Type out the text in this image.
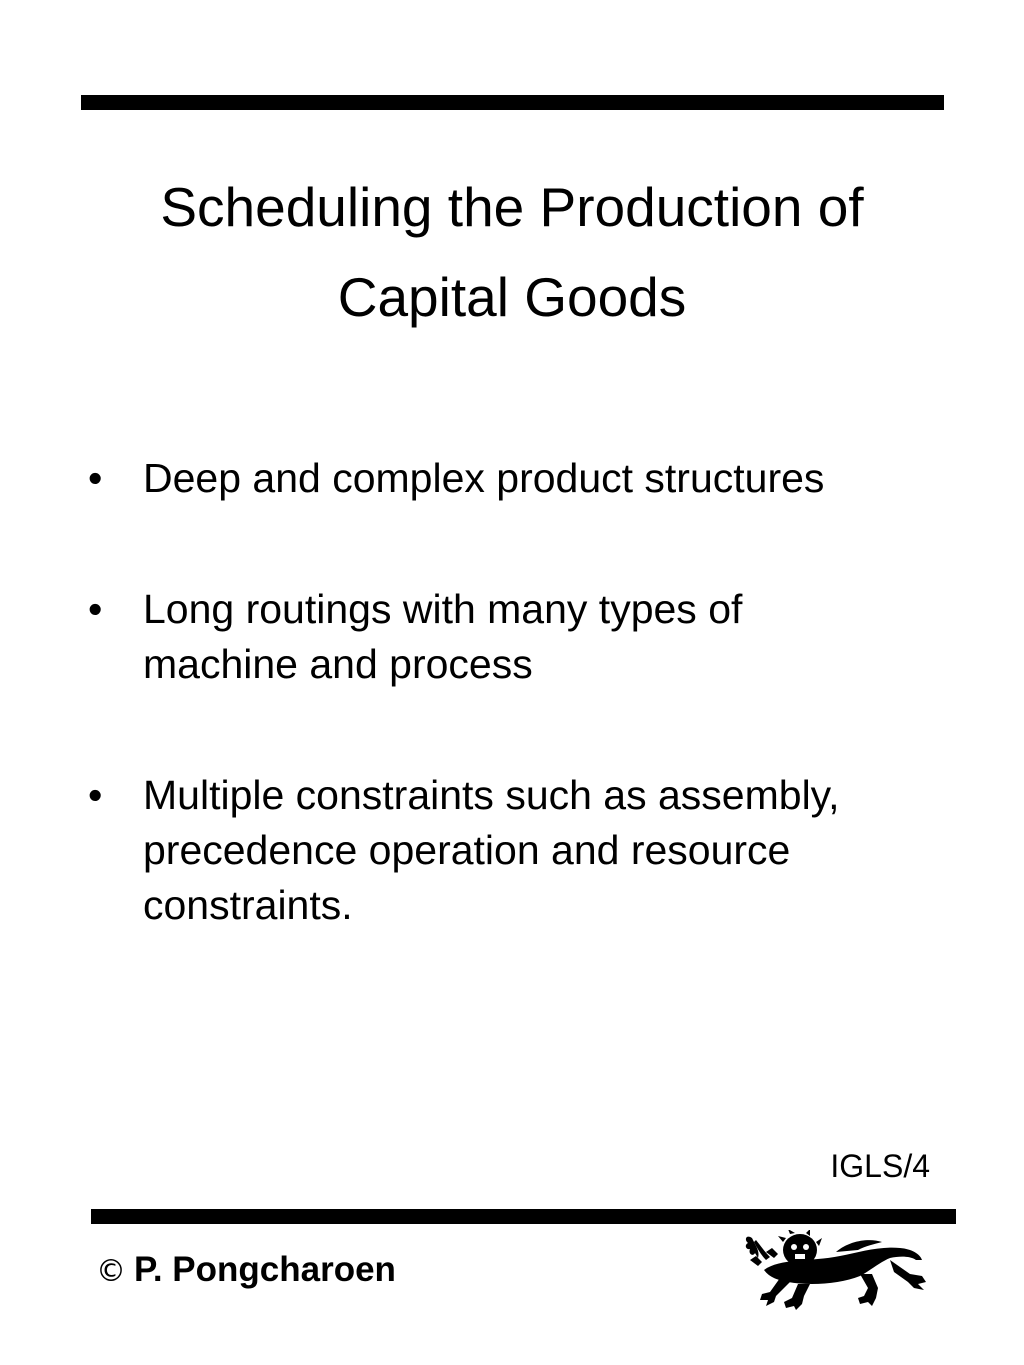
Scheduling the Production of
Capital Goods
• Deep and complex product structures
• Long routings with many types of
machine and process
• Multiple constraints such as assembly,
precedence operation and resource
constraints.
IGLS/4
© P. Pongcharoen
